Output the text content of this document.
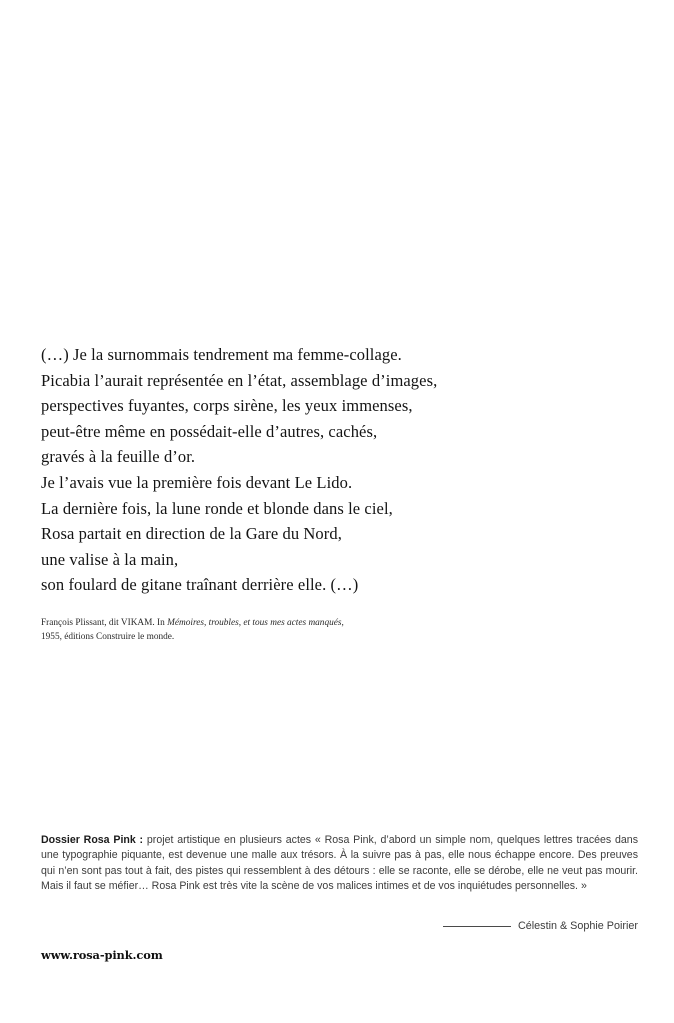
(…) Je la surnommais tendrement ma femme-collage.
Picabia l’aurait représentée en l’état, assemblage d’images,
perspectives fuyantes, corps sirène, les yeux immenses,
peut-être même en possédait-elle d’autres, cachés,
gravés à la feuille d’or.
Je l’avais vue la première fois devant Le Lido.
La dernière fois, la lune ronde et blonde dans le ciel,
Rosa partait en direction de la Gare du Nord,
une valise à la main,
son foulard de gitane traînant derrière elle. (…)
François Plissant, dit VIKAM. In Mémoires, troubles, et tous mes actes manqués,
1955, éditions Construire le monde.
Dossier Rosa Pink : projet artistique en plusieurs actes « Rosa Pink, d’abord un simple nom, quelques lettres tracées dans une typographie piquante, est devenue une malle aux trésors. À la suivre pas à pas, elle nous échappe encore. Des preuves qui n’en sont pas tout à fait, des pistes qui ressemblent à des détours : elle se raconte, elle se dérobe, elle ne veut pas mourir. Mais il faut se méfier… Rosa Pink est très vite la scène de vos malices intimes et de vos inquiétudes personnelles. »
Célestin & Sophie Poirier
www.rosa-pink.com
